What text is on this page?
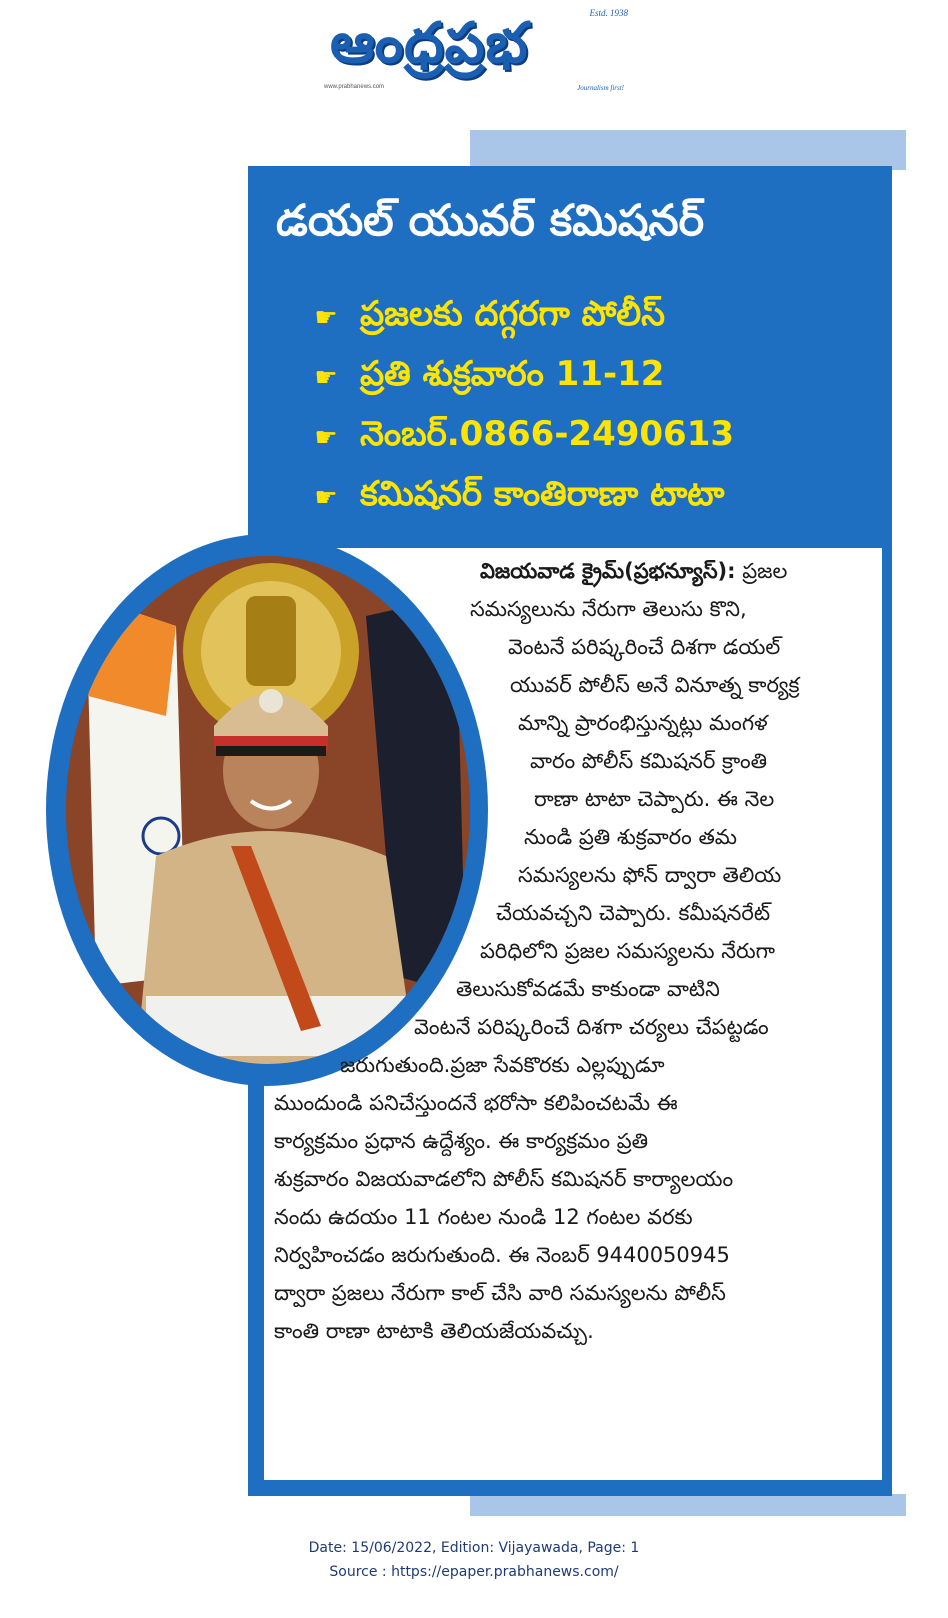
ఆంధ్రప్రభ	Estd. 1938
www.prabhanews.com	Journalism first!
డయల్ యువర్ కమిషనర్
☛ ప్రజలకు దగ్గరగా పోలీస్
☛ ప్రతి శుక్రవారం 11-12
☛ నెంబర్.0866-2490613
☛ కమిషనర్ కాంతిరాణా టాటా
విజయవాడ క్రైమ్(ప్రభన్యూస్): ప్రజల
సమస్యలును నేరుగా తెలుసు కొని,
వెంటనే పరిష్కరించే దిశగా డయల్
యువర్ పోలీస్ అనే వినూత్న కార్యక్ర
మాన్ని ప్రారంభిస్తున్నట్లు మంగళ
వారం పోలీస్ కమిషనర్ క్రాంతి
రాణా టాటా చెప్పారు. ఈ నెల
నుండి ప్రతి శుక్రవారం తమ
సమస్యలను ఫోన్ ద్వారా తెలియ
చేయవచ్చని చెప్పారు. కమీషనరేట్
పరిధిలోని ప్రజల సమస్యలను నేరుగా
తెలుసుకోవడమే కాకుండా వాటిని
వెంటనే పరిష్కరించే దిశగా చర్యలు చేపట్టడం
జరుగుతుంది.ప్రజా సేవకొరకు ఎల్లప్పుడూ
ముందుండి పనిచేస్తుందనే భరోసా కలిపించటమే ఈ
కార్యక్రమం ప్రధాన ఉద్దేశ్యం. ఈ కార్యక్రమం ప్రతి
శుక్రవారం విజయవాడలోని పోలీస్ కమిషనర్ కార్యాలయం
నందు ఉదయం 11 గంటల నుండి 12 గంటల వరకు
నిర్వహించడం జరుగుతుంది. ఈ నెంబర్ 9440050945
ద్వారా ప్రజలు నేరుగా కాల్ చేసి వారి సమస్యలను పోలీస్
కాంతి రాణా టాటాకి తెలియజేయవచ్చు.
Date: 15/06/2022, Edition: Vijayawada, Page: 1
Source : https://epaper.prabhanews.com/
